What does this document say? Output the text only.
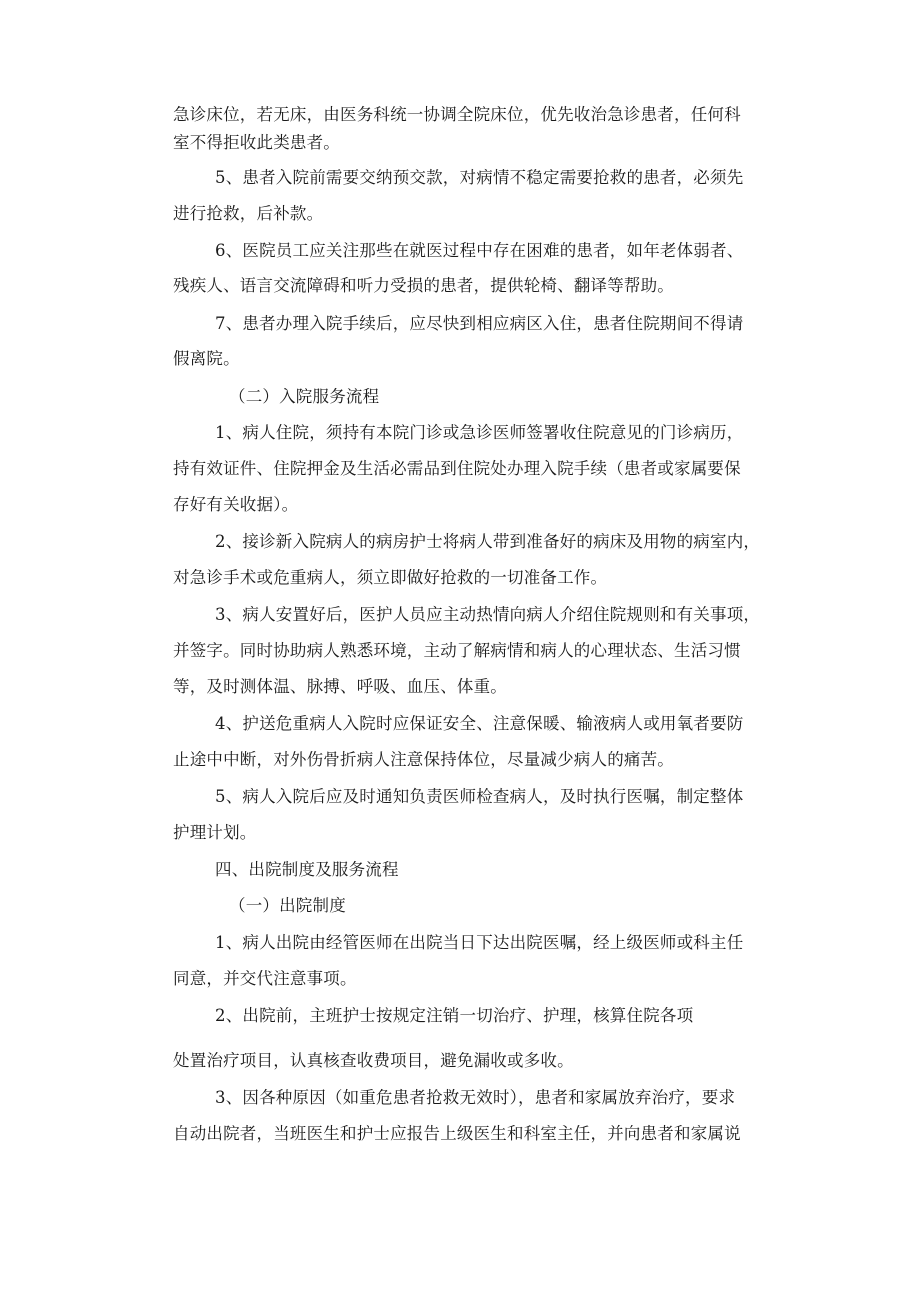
急诊床位，若无床，由医务科统一协调全院床位，优先收治急诊患者，任何科
室不得拒收此类患者。
5、患者入院前需要交纳预交款，对病情不稳定需要抢救的患者，必须先
进行抢救，后补款。
6、医院员工应关注那些在就医过程中存在困难的患者，如年老体弱者、
残疾人、语言交流障碍和听力受损的患者，提供轮椅、翻译等帮助。
7、患者办理入院手续后，应尽快到相应病区入住，患者住院期间不得请
假离院。
（二）入院服务流程
1、病人住院，须持有本院门诊或急诊医师签署收住院意见的门诊病历，
持有效证件、住院押金及生活必需品到住院处办理入院手续（患者或家属要保
存好有关收据）。
2、接诊新入院病人的病房护士将病人带到准备好的病床及用物的病室内，
对急诊手术或危重病人，须立即做好抢救的一切准备工作。
3、病人安置好后，医护人员应主动热情向病人介绍住院规则和有关事项，
并签字。同时协助病人熟悉环境，主动了解病情和病人的心理状态、生活习惯
等，及时测体温、脉搏、呼吸、血压、体重。
4、护送危重病人入院时应保证安全、注意保暖、输液病人或用氧者要防
止途中中断，对外伤骨折病人注意保持体位，尽量减少病人的痛苦。
5、病人入院后应及时通知负责医师检查病人，及时执行医嘱，制定整体
护理计划。
四、出院制度及服务流程
（一）出院制度
1、病人出院由经管医师在出院当日下达出院医嘱，经上级医师或科主任
同意，并交代注意事项。
2、出院前，主班护士按规定注销一切治疗、护理，核算住院各项
处置治疗项目，认真核查收费项目，避免漏收或多收。
3、因各种原因（如重危患者抢救无效时），患者和家属放弃治疗，要求
自动出院者，当班医生和护士应报告上级医生和科室主任，并向患者和家属说
